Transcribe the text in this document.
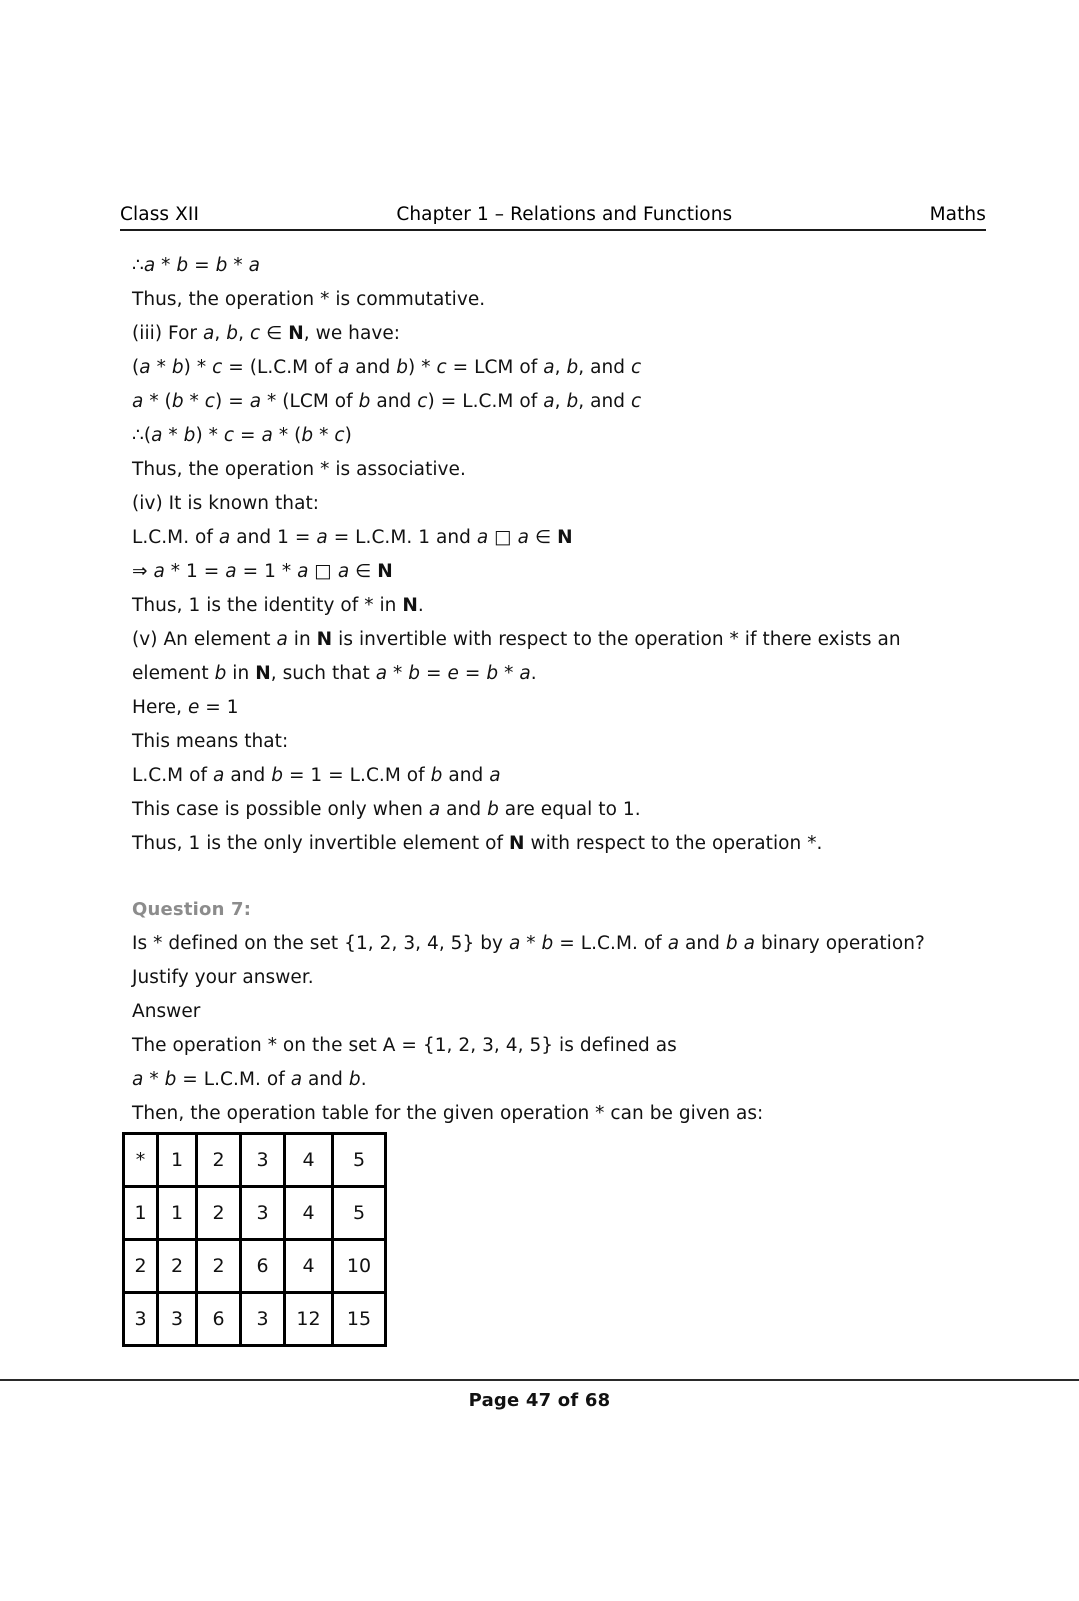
Class XII	Chapter 1 – Relations and Functions	Maths
∴a * b = b * a
Thus, the operation * is commutative.
(iii) For a, b, c ∈ N, we have:
(a * b) * c = (L.C.M of a and b) * c = LCM of a, b, and c
a * (b * c) = a * (LCM of b and c) = L.C.M of a, b, and c
∴(a * b) * c = a * (b * c)
Thus, the operation * is associative.
(iv) It is known that:
L.C.M. of a and 1 = a = L.C.M. 1 and a □ a ∈ N
⇒ a * 1 = a = 1 * a □ a ∈ N
Thus, 1 is the identity of * in N.
(v) An element a in N is invertible with respect to the operation * if there exists an element b in N, such that a * b = e = b * a.
Here, e = 1
This means that:
L.C.M of a and b = 1 = L.C.M of b and a
This case is possible only when a and b are equal to 1.
Thus, 1 is the only invertible element of N with respect to the operation *.
Question 7:
Is * defined on the set {1, 2, 3, 4, 5} by a * b = L.C.M. of a and b a binary operation?
Justify your answer.
Answer
The operation * on the set A = {1, 2, 3, 4, 5} is defined as
a * b = L.C.M. of a and b.
Then, the operation table for the given operation * can be given as:
*	1	2	3	4	5
1	1	2	3	4	5
2	2	2	6	4	10
3	3	6	3	12	15
Page 47 of 68
